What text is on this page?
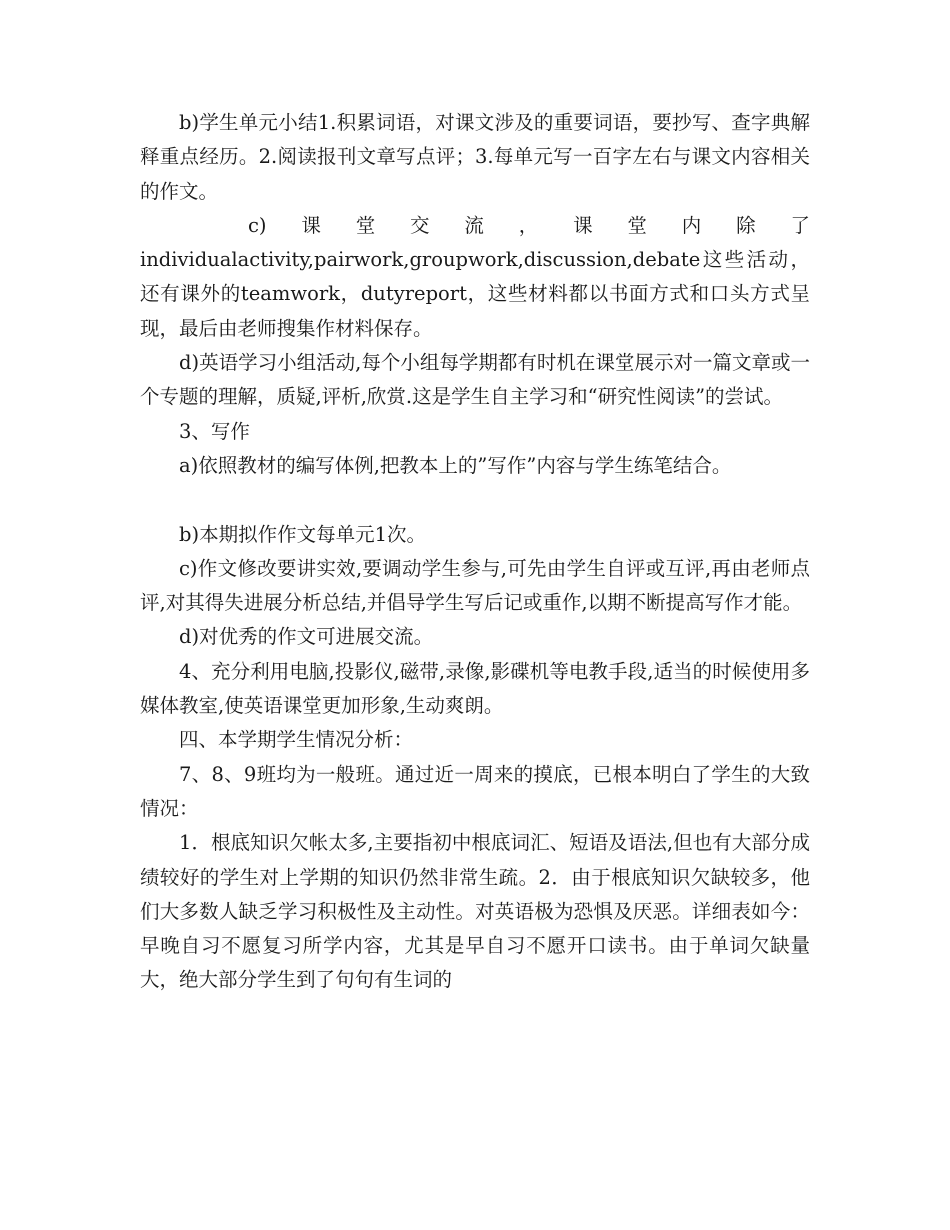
b)学生单元小结1.积累词语，对课文涉及的重要词语，要抄写、查字典解释重点经历。2.阅读报刊文章写点评；3.每单元写一百字左右与课文内容相关的作文。

c) 课 堂 交 流 ， 课 堂 内 除 了

individualactivity,pairwork,groupwork,discussion,debate这些活动，还有课外的teamwork，dutyreport，这些材料都以书面方式和口头方式呈现，最后由老师搜集作材料保存。

d)英语学习小组活动,每个小组每学期都有时机在课堂展示对一篇文章或一个专题的理解，质疑,评析,欣赏.这是学生自主学习和“研究性阅读”的尝试。

3、写作

a)依照教材的编写体例,把教本上的”写作”内容与学生练笔结合。

b)本期拟作作文每单元1次。

c)作文修改要讲实效,要调动学生参与,可先由学生自评或互评,再由老师点评,对其得失进展分析总结,并倡导学生写后记或重作,以期不断提高写作才能。

d)对优秀的作文可进展交流。

4、充分利用电脑,投影仪,磁带,录像,影碟机等电教手段,适当的时候使用多媒体教室,使英语课堂更加形象,生动爽朗。

四、本学期学生情况分析：

7、8、9班均为一般班。通过近一周来的摸底，已根本明白了学生的大致情况：

1．根底知识欠帐太多,主要指初中根底词汇、短语及语法,但也有大部分成绩较好的学生对上学期的知识仍然非常生疏。2．由于根底知识欠缺较多，他们大多数人缺乏学习积极性及主动性。对英语极为恐惧及厌恶。详细表如今：早晚自习不愿复习所学内容，尤其是早自习不愿开口读书。由于单词欠缺量大，绝大部分学生到了句句有生词的
